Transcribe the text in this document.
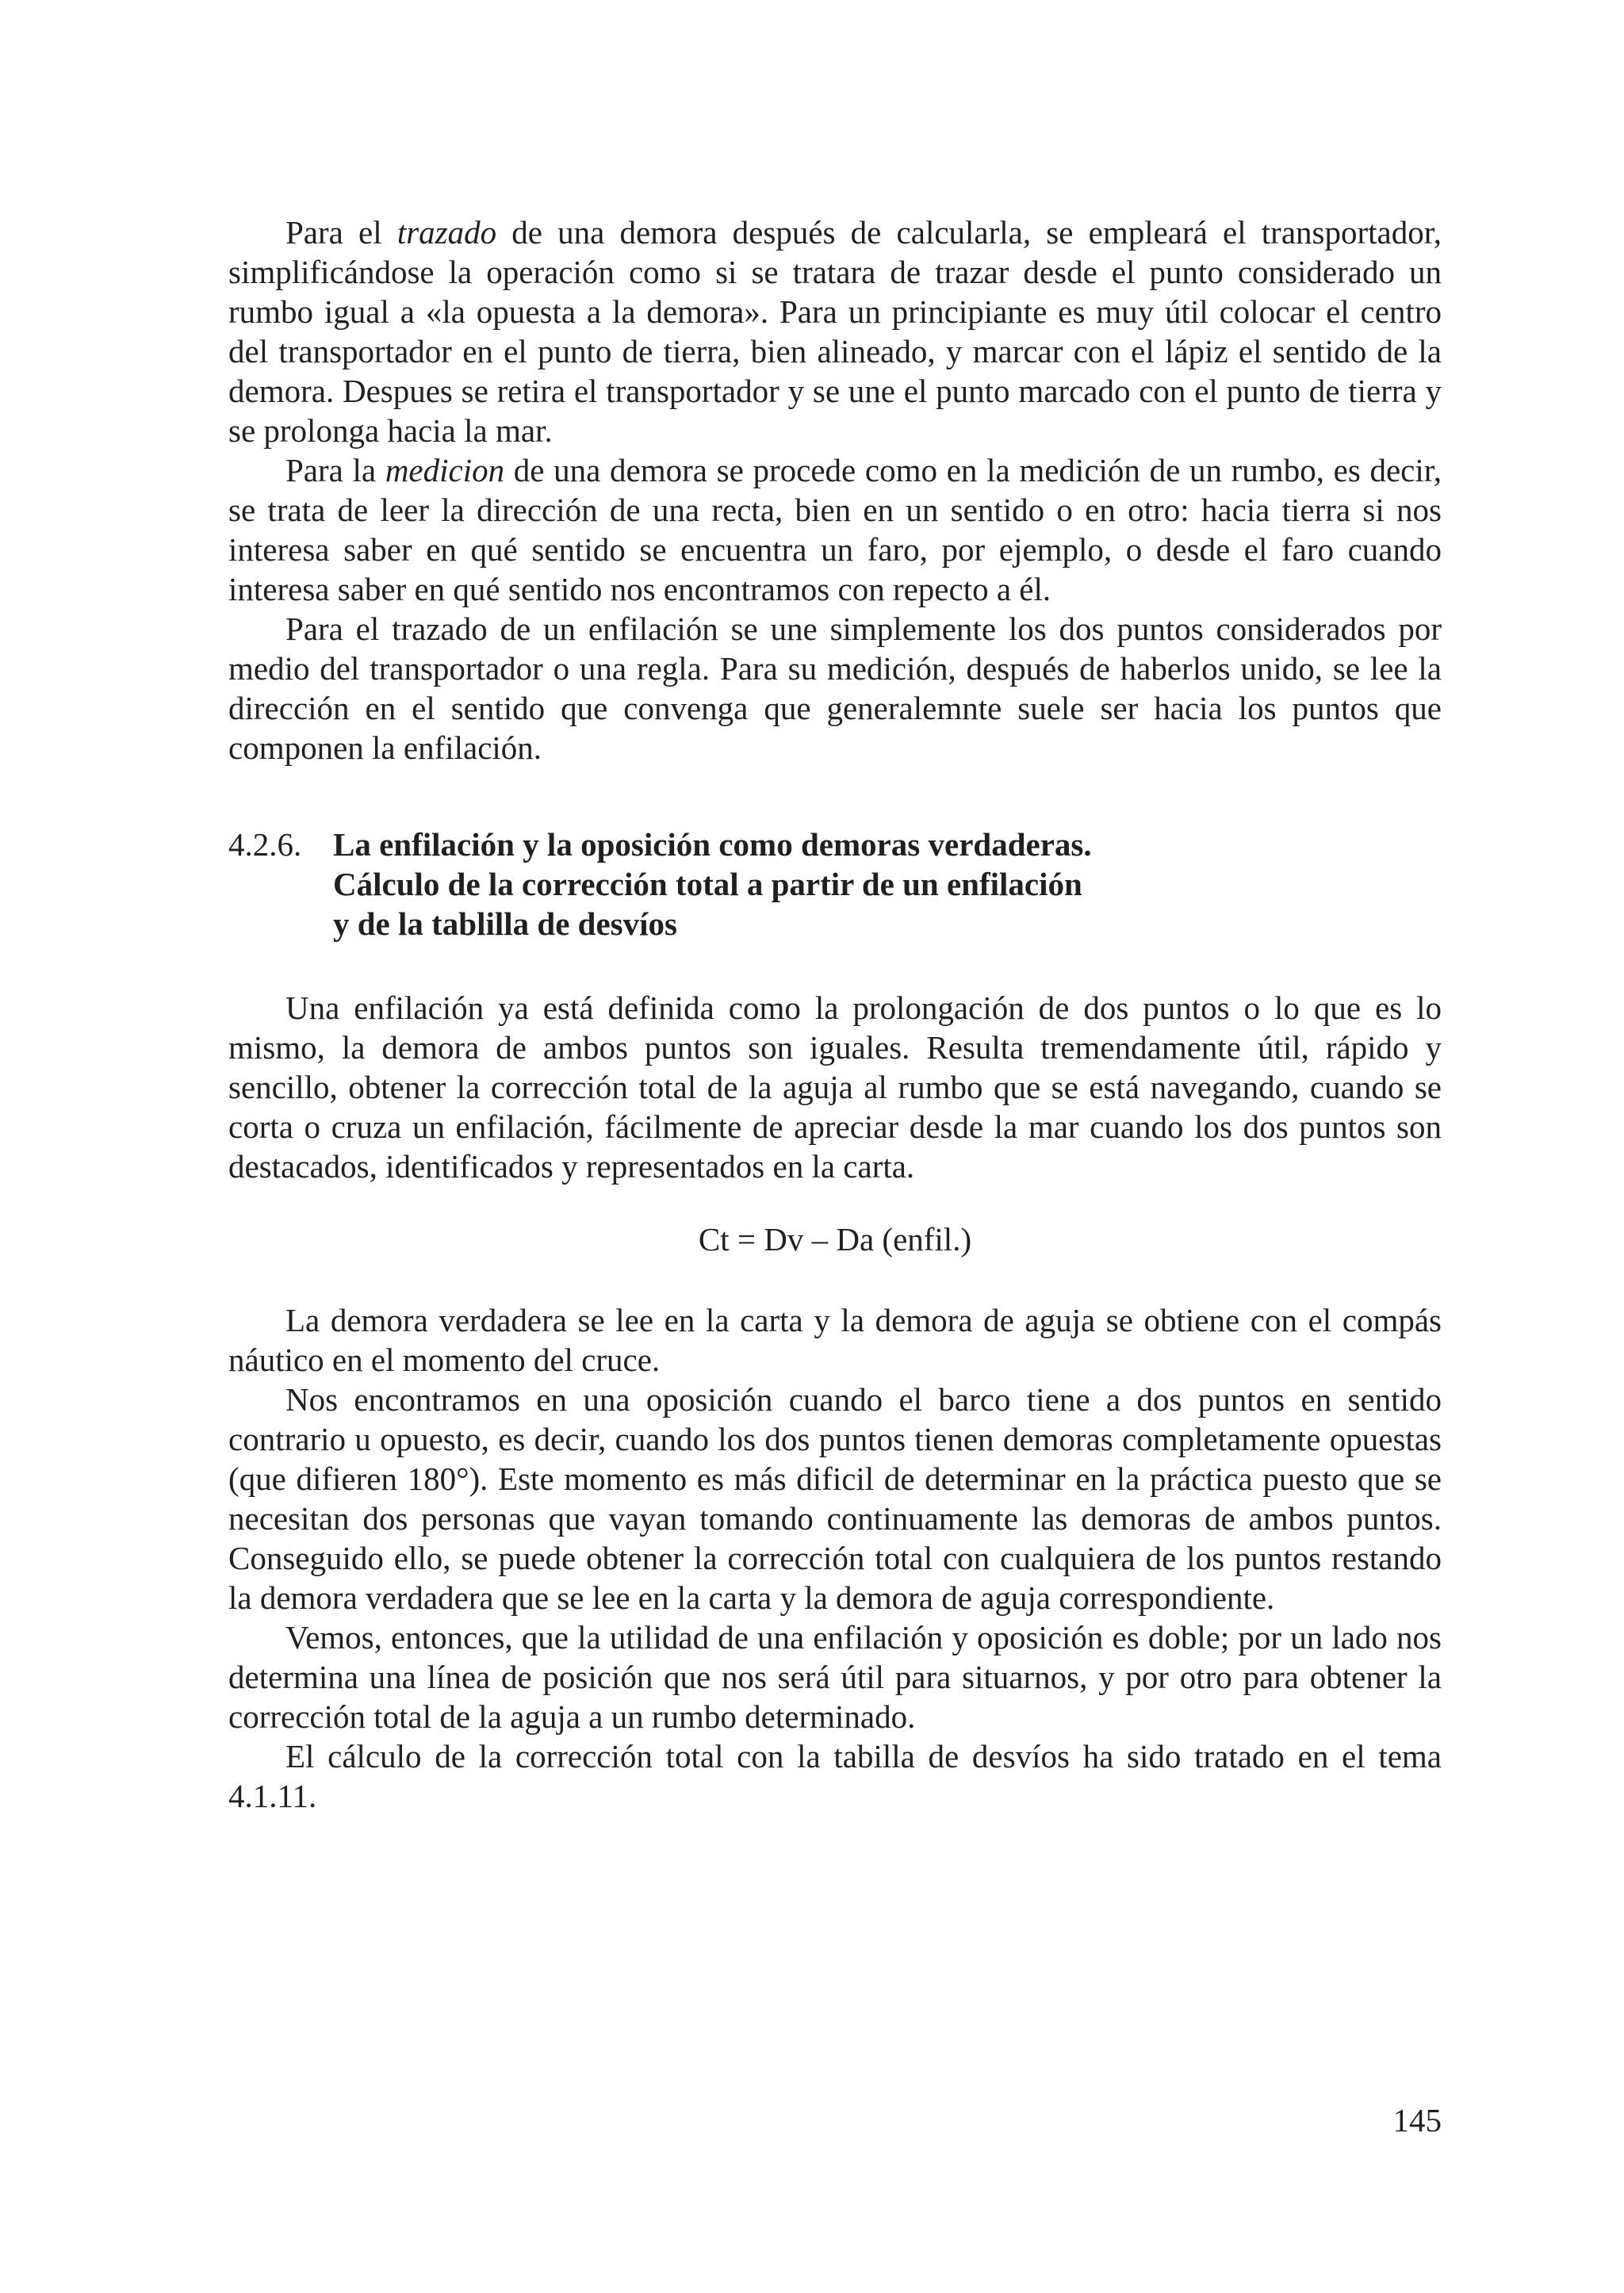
Para el trazado de una demora después de calcularla, se empleará el transportador, simplificándose la operación como si se tratara de trazar desde el punto considerado un rumbo igual a «la opuesta a la demora». Para un principiante es muy útil colocar el centro del transportador en el punto de tierra, bien alineado, y marcar con el lápiz el sentido de la demora. Despues se retira el transportador y se une el punto marcado con el punto de tierra y se prolonga hacia la mar.

Para la medicion de una demora se procede como en la medición de un rumbo, es decir, se trata de leer la dirección de una recta, bien en un sentido o en otro: hacia tierra si nos interesa saber en qué sentido se encuentra un faro, por ejemplo, o desde el faro cuando interesa saber en qué sentido nos encontramos con repecto a él.

Para el trazado de un enfilación se une simplemente los dos puntos considerados por medio del transportador o una regla. Para su medición, después de haberlos unido, se lee la dirección en el sentido que convenga que generalemnte suele ser hacia los puntos que componen la enfilación.

4.2.6. La enfilación y la oposición como demoras verdaderas.
Cálculo de la corrección total a partir de un enfilación
y de la tablilla de desvíos

Una enfilación ya está definida como la prolongación de dos puntos o lo que es lo mismo, la demora de ambos puntos son iguales. Resulta tremendamente útil, rápido y sencillo, obtener la corrección total de la aguja al rumbo que se está navegando, cuando se corta o cruza un enfilación, fácilmente de apreciar desde la mar cuando los dos puntos son destacados, identificados y representados en la carta.

Ct = Dv – Da (enfil.)

La demora verdadera se lee en la carta y la demora de aguja se obtiene con el compás náutico en el momento del cruce.

Nos encontramos en una oposición cuando el barco tiene a dos puntos en sentido contrario u opuesto, es decir, cuando los dos puntos tienen demoras completamente opuestas (que difieren 180°). Este momento es más dificil de determinar en la práctica puesto que se necesitan dos personas que vayan tomando continuamente las demoras de ambos puntos. Conseguido ello, se puede obtener la corrección total con cualquiera de los puntos restando la demora verdadera que se lee en la carta y la demora de aguja correspondiente.

Vemos, entonces, que la utilidad de una enfilación y oposición es doble; por un lado nos determina una línea de posición que nos será útil para situarnos, y por otro para obtener la corrección total de la aguja a un rumbo determinado.

El cálculo de la corrección total con la tabilla de desvíos ha sido tratado en el tema 4.1.11.

145
